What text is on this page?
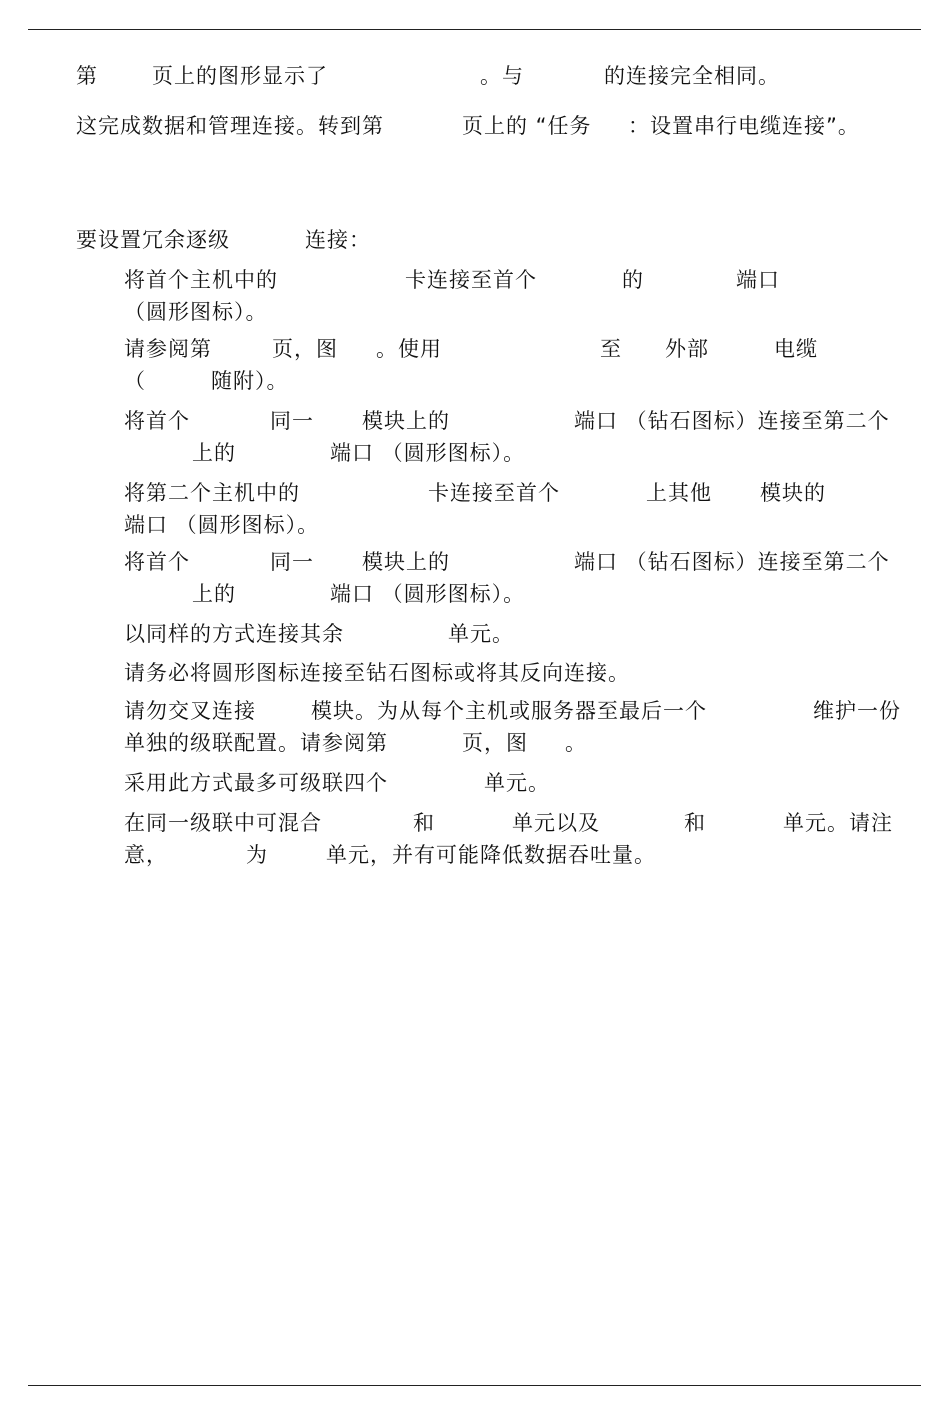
第	页上的图形显示了	。与	的连接完全相同。
这完成数据和管理连接。转到第	页上的 “任务 ：设置串行电缆连接”。
要设置冗余逐级	连接：
将首个主机中的	卡连接至首个	的	端口
（圆形图标）。
请参阅第	页，图 。使用	至 外部	电缆
（	随附）。
将首个	同一 模块上的	端口 （钻石图标）连接至第二个
上的	端口 （圆形图标）。
将第二个主机中的	卡连接至首个	上其他 模块的
端口 （圆形图标）。
将首个	同一 模块上的	端口 （钻石图标）连接至第二个
上的	端口 （圆形图标）。
以同样的方式连接其余	单元。
请务必将圆形图标连接至钻石图标或将其反向连接。
请勿交叉连接	模块。为从每个主机或服务器至最后一个	维护一份
单独的级联配置。请参阅第	页，图 。
采用此方式最多可级联四个	单元。
在同一级联中可混合	和	单元以及	和	单元。请注
意，	为	单元，并有可能降低数据吞吐量。
